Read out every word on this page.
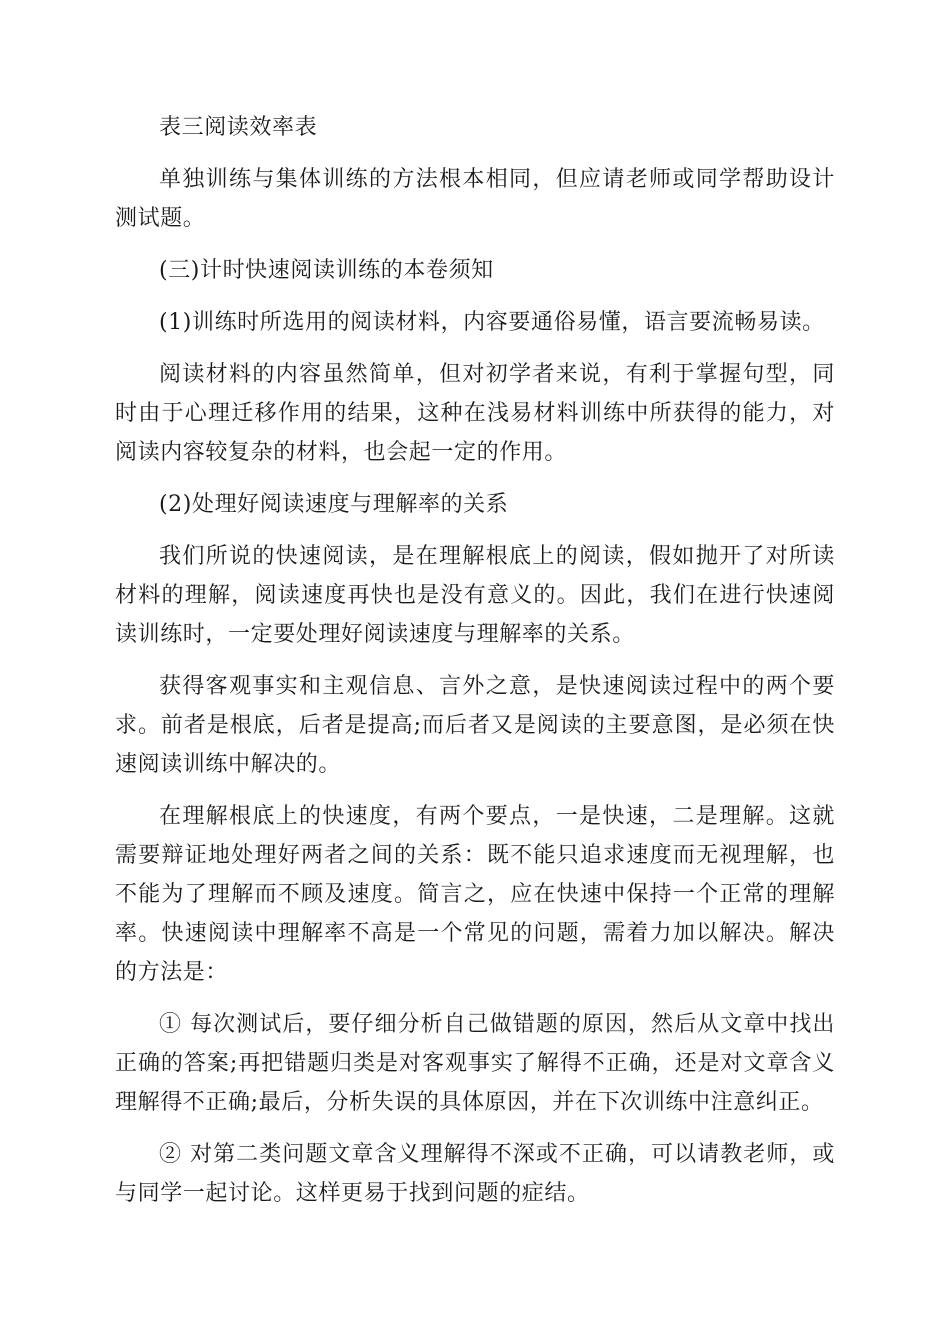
表三阅读效率表

单独训练与集体训练的方法根本相同，但应请老师或同学帮助设计测试题。

(三)计时快速阅读训练的本卷须知

(1)训练时所选用的阅读材料，内容要通俗易懂，语言要流畅易读。

阅读材料的内容虽然简单，但对初学者来说，有利于掌握句型，同时由于心理迁移作用的结果，这种在浅易材料训练中所获得的能力，对阅读内容较复杂的材料，也会起一定的作用。

(2)处理好阅读速度与理解率的关系

我们所说的快速阅读，是在理解根底上的阅读，假如抛开了对所读材料的理解，阅读速度再快也是没有意义的。因此，我们在进行快速阅读训练时，一定要处理好阅读速度与理解率的关系。

获得客观事实和主观信息、言外之意，是快速阅读过程中的两个要求。前者是根底，后者是提高;而后者又是阅读的主要意图，是必须在快速阅读训练中解决的。

在理解根底上的快速度，有两个要点，一是快速，二是理解。这就需要辩证地处理好两者之间的关系：既不能只追求速度而无视理解，也不能为了理解而不顾及速度。简言之，应在快速中保持一个正常的理解率。快速阅读中理解率不高是一个常见的问题，需着力加以解决。解决的方法是：

① 每次测试后，要仔细分析自己做错题的原因，然后从文章中找出正确的答案;再把错题归类是对客观事实了解得不正确，还是对文章含义理解得不正确;最后，分析失误的具体原因，并在下次训练中注意纠正。

② 对第二类问题文章含义理解得不深或不正确，可以请教老师，或与同学一起讨论。这样更易于找到问题的症结。
